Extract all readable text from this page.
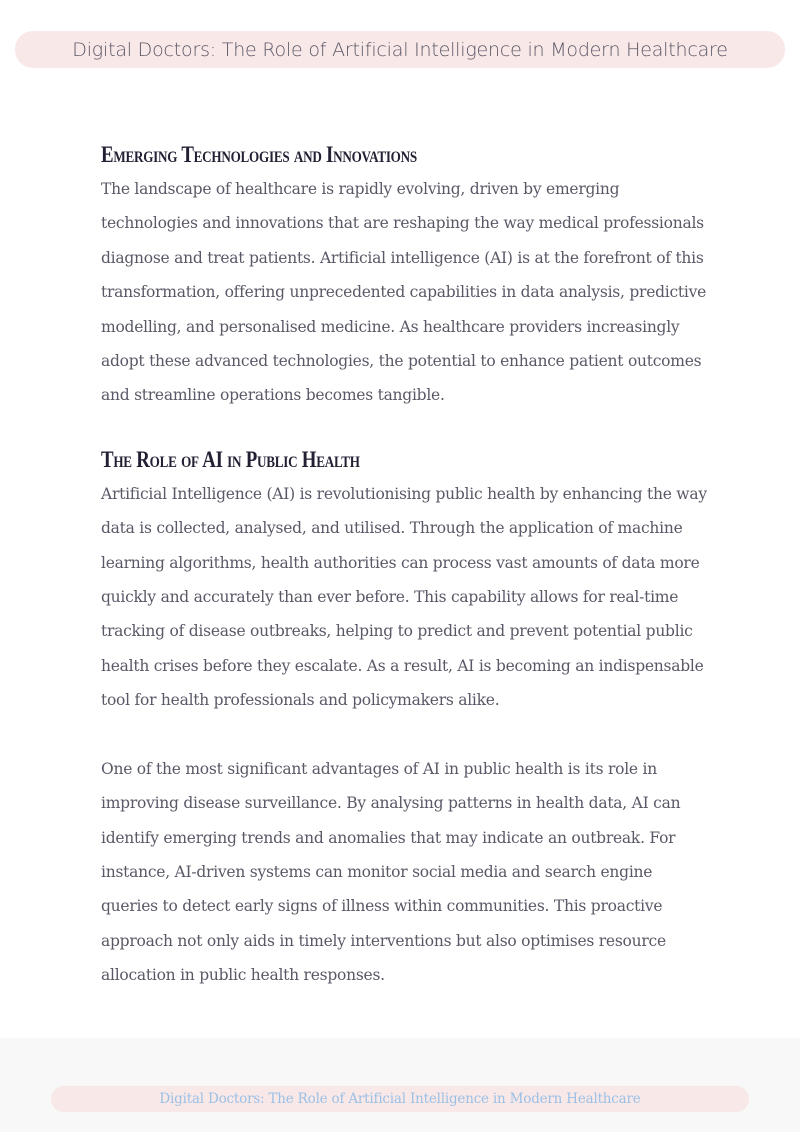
Digital Doctors: The Role of Artificial Intelligence in Modern Healthcare
Emerging Technologies and Innovations

The landscape of healthcare is rapidly evolving, driven by emerging technologies and innovations that are reshaping the way medical professionals diagnose and treat patients. Artificial intelligence (AI) is at the forefront of this transformation, offering unprecedented capabilities in data analysis, predictive modelling, and personalised medicine. As healthcare providers increasingly adopt these advanced technologies, the potential to enhance patient outcomes and streamline operations becomes tangible.

The Role of AI in Public Health

Artificial Intelligence (AI) is revolutionising public health by enhancing the way data is collected, analysed, and utilised. Through the application of machine learning algorithms, health authorities can process vast amounts of data more quickly and accurately than ever before. This capability allows for real-time tracking of disease outbreaks, helping to predict and prevent potential public health crises before they escalate. As a result, AI is becoming an indispensable tool for health professionals and policymakers alike.

One of the most significant advantages of AI in public health is its role in improving disease surveillance. By analysing patterns in health data, AI can identify emerging trends and anomalies that may indicate an outbreak. For instance, AI-driven systems can monitor social media and search engine queries to detect early signs of illness within communities. This proactive approach not only aids in timely interventions but also optimises resource allocation in public health responses.

Digital Doctors: The Role of Artificial Intelligence in Modern Healthcare
